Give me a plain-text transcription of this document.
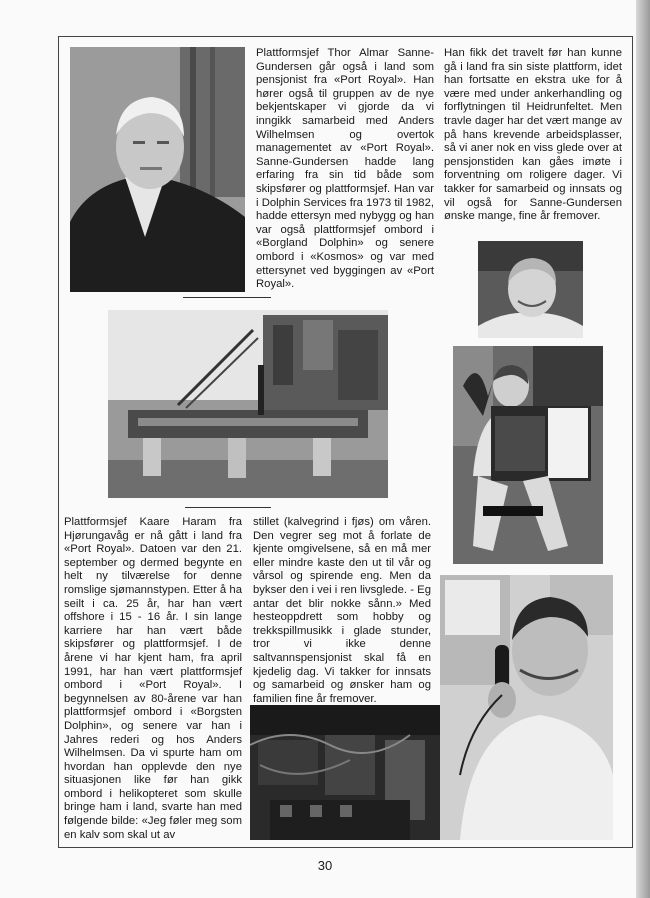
Plattformsjef Thor Almar Sanne-Gundersen går også i land som pensjonist fra «Port Royal». Han hører også til gruppen av de nye bekjentskaper vi gjorde da vi inngikk samarbeid med Anders Wilhelmsen og overtok managementet av «Port Royal». Sanne-Gundersen hadde lang erfaring fra sin tid både som skipsfører og plattformsjef. Han var i Dolphin Services fra 1973 til 1982, hadde ettersyn med nybygg og han var også plattformsjef ombord i «Borgland Dolphin» og senere ombord i «Kosmos» og var med ettersynet ved byggingen av «Port Royal».

Han fikk det travelt før han kunne gå i land fra sin siste plattform, idet han fortsatte en ekstra uke for å være med under ankerhandling og forflytningen til Heidrunfeltet. Men travle dager har det vært mange av på hans krevende arbeidsplasser, så vi aner nok en viss glede over at pensjonstiden kan gåes imøte i forventning om roligere dager. Vi takker for samarbeid og innsats og vil også for Sanne-Gundersen ønske mange, fine år fremover.

Plattformsjef Kaare Haram fra Hjørungavåg er nå gått i land fra «Port Royal». Datoen var den 21. september og dermed begynte en helt ny tilværelse for denne romslige sjømannstypen. Etter å ha seilt i ca. 25 år, har han vært offshore i 15 - 16 år. I sin lange karriere har han vært både skipsfører og plattformsjef. I de årene vi har kjent ham, fra april 1991, har han vært plattformsjef ombord i «Port Royal». I begynnelsen av 80-årene var han plattformsjef ombord i «Borgsten Dolphin», og senere var han i Jahres rederi og hos Anders Wilhelmsen. Da vi spurte ham om hvordan han opplevde den nye situasjonen like før han gikk ombord i helikopteret som skulle bringe ham i land, svarte han med følgende bilde: «Jeg føler meg som en kalv som skal ut av

stillet (kalvegrind i fjøs) om våren. Den vegrer seg mot å forlate de kjente omgivelsene, så en må mer eller mindre kaste den ut til vår og vårsol og spirende eng. Men da bykser den i vei i ren livsglede. - Eg antar det blir nokke sånn.» Med hesteoppdrett som hobby og trekkspillmusikk i glade stunder, tror vi ikke denne saltvannspensjonist skal få en kjedelig dag. Vi takker for innsats og samarbeid og ønsker ham og familien fine år fremover.

30
